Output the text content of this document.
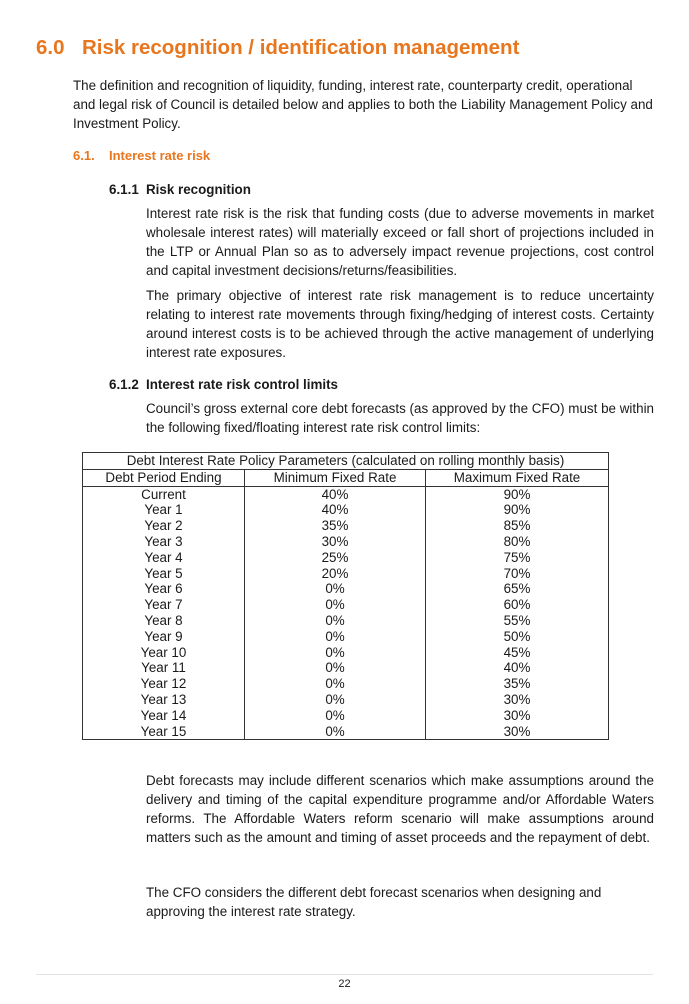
6.0 Risk recognition / identification management

The definition and recognition of liquidity, funding, interest rate, counterparty credit, operational and legal risk of Council is detailed below and applies to both the Liability Management Policy and Investment Policy.

6.1. Interest rate risk
6.1.1 Risk recognition

Interest rate risk is the risk that funding costs (due to adverse movements in market wholesale interest rates) will materially exceed or fall short of projections included in the LTP or Annual Plan so as to adversely impact revenue projections, cost control and capital investment decisions/returns/feasibilities.

The primary objective of interest rate risk management is to reduce uncertainty relating to interest rate movements through fixing/hedging of interest costs. Certainty around interest costs is to be achieved through the active management of underlying interest rate exposures.

6.1.2 Interest rate risk control limits

Council’s gross external core debt forecasts (as approved by the CFO) must be within the following fixed/floating interest rate risk control limits:

Debt Interest Rate Policy Parameters (calculated on rolling monthly basis)		
Debt Period Ending	Minimum Fixed Rate	Maximum Fixed Rate
Current	40%	90%
Year 1	40%	90%
Year 2	35%	85%
Year 3	30%	80%
Year 4	25%	75%
Year 5	20%	70%
Year 6	0%	65%
Year 7	0%	60%
Year 8	0%	55%
Year 9	0%	50%
Year 10	0%	45%
Year 11	0%	40%
Year 12	0%	35%
Year 13	0%	30%
Year 14	0%	30%
Year 15	0%	30%

Debt forecasts may include different scenarios which make assumptions around the delivery and timing of the capital expenditure programme and/or Affordable Waters reforms. The Affordable Waters reform scenario will make assumptions around matters such as the amount and timing of asset proceeds and the repayment of debt.

The CFO considers the different debt forecast scenarios when designing and approving the interest rate strategy.

22
